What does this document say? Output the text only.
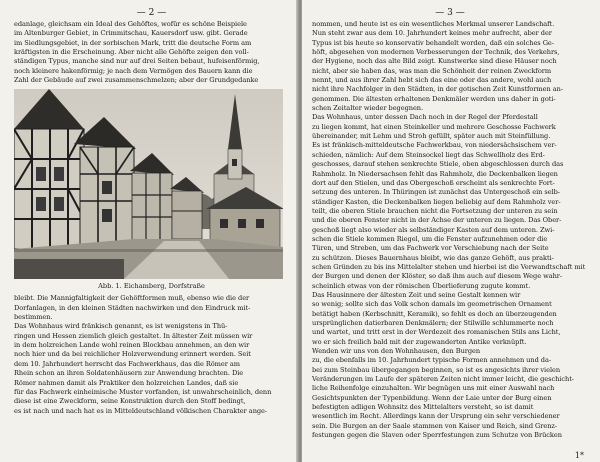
— 2 —

edanlage, gleichsam ein Ideal des Gehöftes, wofür es schöne Beispiele

im Altenburger Gebiet, in Crimmitschau, Kauersdorf usw. gibt. Gerade

im Siedlungsgebiet, in der sorbischen Mark, tritt die deutsche Form am

kräftigsten in die Erscheinung. Aber nicht alle Gehöfte zeigen den voll-

ständigen Typus, manche sind nur auf drei Seiten bebaut, hufeisenförmig,

noch kleinere hakenförmig; je nach dem Vermögen des Bauern kann die

Zahl der Gebäude auf zwei zusammenschmelzen; aber der Grundgedanke

Abb. 1. Eichamberg, Dorfstraße

bleibt. Die Mannigfaltigkeit der Gehöftformen muß, ebenso wie die der

Dorfanlagen, in den kleinen Städten nachwirken und den Eindruck mit-

bestimmen.

Das Wohnhaus wird fränkisch genannt, es ist wenigstens in Thü-

ringen und Hessen ziemlich gleich gestaltet. In ältester Zeit müssen wir

in dem holzreichen Lande wohl reinen Blockbau annehmen, an den wir

noch hier und da bei reichlicher Holzverwendung erinnert werden. Seit

dem 10. Jahrhundert herrscht das Fachwerkhaus, das die Römer am

Rhein schon an ihren Soldatenhäusern zur Anwendung brachten. Die

Römer nahmen damit als Praktiker den holzreichen Landes, daß sie

für das Fachwerk einheimische Muster vorfanden, ist unwahrscheinlich, denn

diese ist eine Zweckform, seine Konstruktion durch den Stoff bedingt,

es ist nach und nach hat es in Mitteldeutschland völkischen Charakter ange-

— 3 —

nommen, und heute ist es ein wesentliches Merkmal unserer Landschaft.

Nun steht zwar aus dem 10. Jahrhundert keines mehr aufrecht, aber der

Typus ist bis heute so konservativ behandelt worden, daß ein solches Ge-

höft, abgesehen von modernen Verbesserungen der Technik, des Verkehrs,

der Hygiene, noch das alte Bild zeigt. Kunstwerke sind diese Häuser noch

nicht, aber sie haben das, was man die Schönheit der reinen Zweckform

nennt, und aus ihrer Zahl hebt sich das eine oder das andere, wohl auch

nicht ihre Nachfolger in den Städten, in der gotischen Zeit Kunstformen an-

genommen. Die ältesten erhaltenen Denkmäler werden uns daher in goti-

schen Zeitalter wieder begegnen.

Das Wohnhaus, unter dessen Dach noch in der Regel der Pferdestall

zu liegen kommt, hat einen Steinkeller und mehrere Geschosse Fachwerk

übereinander, mit Lehm und Stroh gefüllt, später auch mit Steinfüllung.

Es ist fränkisch-mitteldeutsche Fachwerkbau, von niedersächsischem ver-

schieden, nämlich: Auf dem Steinsockel liegt das Schwellholz des Erd-

geschosses, darauf stehen senkrechte Stiele, oben abgeschlossen durch das

Rahmholz. In Niedersachsen fehlt das Rahmholz, die Deckenbalken liegen

dort auf den Stielen, und das Obergeschoß erscheint als senkrechte Fort-

setzung des unteren. In Thüringen ist zunächst das Untergeschoß ein selb-

ständiger Kasten, die Deckenbalken liegen beliebig auf dem Rahmholz ver-

teilt, die oberen Stiele brauchen nicht die Fortsetzung der unteren zu sein

und die oberen Fenster nicht in der Achse der unteren zu liegen. Das Ober-

geschoß liegt also wieder als selbständiger Kasten auf dem unteren. Zwi-

schen die Stiele kommen Riegel, um die Fenster aufzunehmen oder die

Türen, und Streben, um das Fachwerk vor Verschiebung nach der Seite

zu schützen. Dieses Bauernhaus bleibt, wie das ganze Gehöft, aus prakti-

schen Gründen zu bis ins Mittelalter stehen und hierbei ist die Verwandtschaft mit

der Burgen und denen der Klöster, so daß ihm auch auf diesem Wege wahr-

scheinlich etwas von der römischen Überlieferung zugute kommt.

Das Hausinnere der ältesten Zeit und seine Gestalt kennen wir

so wenig; sollte sich das Volk schon damals im geometrischen Ornament

betätigt haben (Kerbschnitt, Keramik), so fehlt es doch an überzeugenden

ursprünglichen datierbaren Denkmälern; der Stilwille schlummerte noch

und wartet, und tritt erst in der Werdezeit des romanischen Stils ans Licht,

wo er sich freilich bald mit der zugewanderten Antike verknüpft.

Wenden wir uns von den Wohnhausen, den Burgen

zu, die ebenfalls im 10. Jahrhundert typische Formen annehmen und da-

bei zum Steinbau übergegangen beginnen, so ist es angesichts ihrer vielen

Veränderungen im Laufe der späteren Zeiten nicht immer leicht, die geschicht-

liche Reihenfolge einzuhalten. Wir begnügen uns mit einer Auswahl nach

Gesichtspunkten der Typenbildung. Wenn der Laie unter der Burg einen

befestigten adligen Wohnsitz des Mittelalters versteht, so ist damit

wesentlich im Recht. Allerdings kann der Ursprung ein sehr verschiedener

sein. Die Burgen an der Saale stammen von Kaiser und Reich, sind Grenz-

festungen gegen die Slaven oder Sperrfestungen zum Schutze von Brücken

1*
